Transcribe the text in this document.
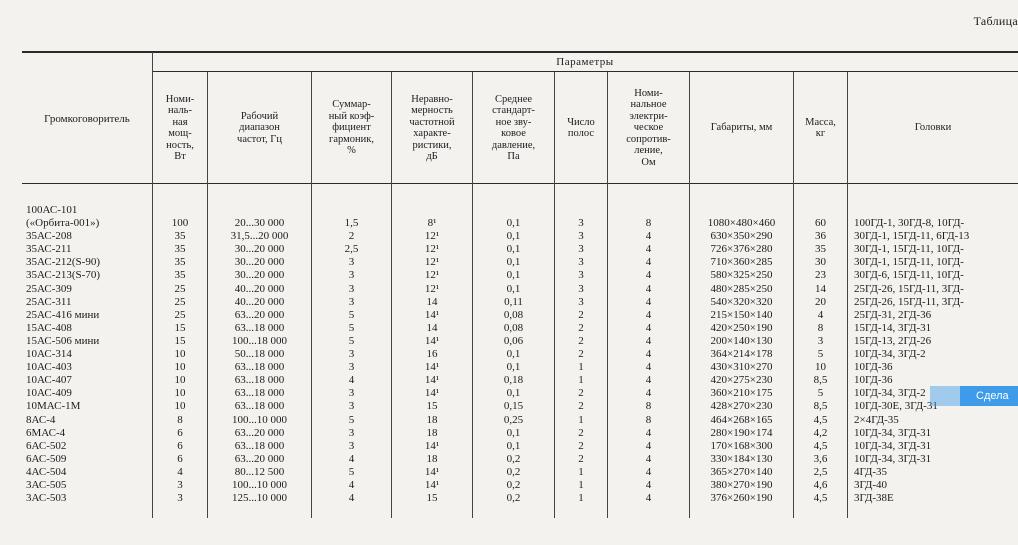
Таблица
Параметры
Громкоговоритель
Номи-
наль-
ная
мощ-
ность,
Вт
Рабочий
диапазон
частот, Гц
Суммар-
ный коэф-
фициент
гармоник,
%
Неравно-
мерность
частотной
характе-
ристики,
дБ
Среднее
стандарт-
ное зву-
ковое
давление,
Па
Число
полос
Номи-
нальное
электри-
ческое
сопротив-
ление,
Ом
Габариты, мм
Масса,
кг
Головки
100АС-101
(«Орбита-001»)
35АС-208
35АС-211
35АС-212(S-90)
35АС-213(S-70)
25АС-309
25АС-311
25АС-416 мини
15АС-408
15АС-506 мини
10АС-314
10АС-403
10АС-407
10АС-409
10МАС-1М
8АС-4
6МАС-4
6АС-502
6АС-509
4АС-504
3АС-505
3АС-503

100
35
35
35
35
25
25
25
15
15
10
10
10
10
10
8
6
6
6
4
3
3

20...30 000
31,5...20 000
30...20 000
30...20 000
30...20 000
40...20 000
40...20 000
63...20 000
63...18 000
100...18 000
50...18 000
63...18 000
63...18 000
63...18 000
63...18 000
100...10 000
63...20 000
63...18 000
63...20 000
80...12 500
100...10 000
125...10 000

1,5
2
2,5
3
3
3
3
5
5
5
3
3
4
3
3
5
3
3
4
5
4
4

8¹
12¹
12¹
12¹
12¹
12¹
14
14¹
14
14¹
16
14¹
14¹
14¹
15
18
18
14¹
18
14¹
14¹
15

0,1
0,1
0,1
0,1
0,1
0,1
0,11
0,08
0,08
0,06
0,1
0,1
0,18
0,1
0,15
0,25
0,1
0,1
0,2
0,2
0,2
0,2

3
3
3
3
3
3
3
2
2
2
2
1
1
2
2
1
2
2
2
1
1
1

8
4
4
4
4
4
4
4
4
4
4
4
4
4
8
8
4
4
4
4
4
4

1080×480×460
630×350×290
726×376×280
710×360×285
580×325×250
480×285×250
540×320×320
215×150×140
420×250×190
200×140×130
364×214×178
430×310×270
420×275×230
360×210×175
428×270×230
464×268×165
280×190×174
170×168×300
330×184×130
365×270×140
380×270×190
376×260×190

60
36
35
30
23
14
20
4
8
3
5
10
8,5
5
8,5
4,5
4,2
4,5
3,6
2,5
4,6
4,5

100ГД-1, 30ГД-8, 10ГД-
30ГД-1, 15ГД-11, 6ГД-13
30ГД-1, 15ГД-11, 10ГД-
30ГД-1, 15ГД-11, 10ГД-
30ГД-6, 15ГД-11, 10ГД-
25ГД-26, 15ГД-11, 3ГД-
25ГД-26, 15ГД-11, 3ГД-
25ГД-31, 2ГД-36
15ГД-14, 3ГД-31
15ГД-13, 2ГД-26
10ГД-34, 3ГД-2
10ГД-36
10ГД-36
10ГД-34, 3ГД-2
10ГД-30Е, 3ГД-31
2×4ГД-35
10ГД-34, 3ГД-31
10ГД-34, 3ГД-31
10ГД-34, 3ГД-31
4ГД-35
3ГД-40
3ГД-38Е
Сдела
